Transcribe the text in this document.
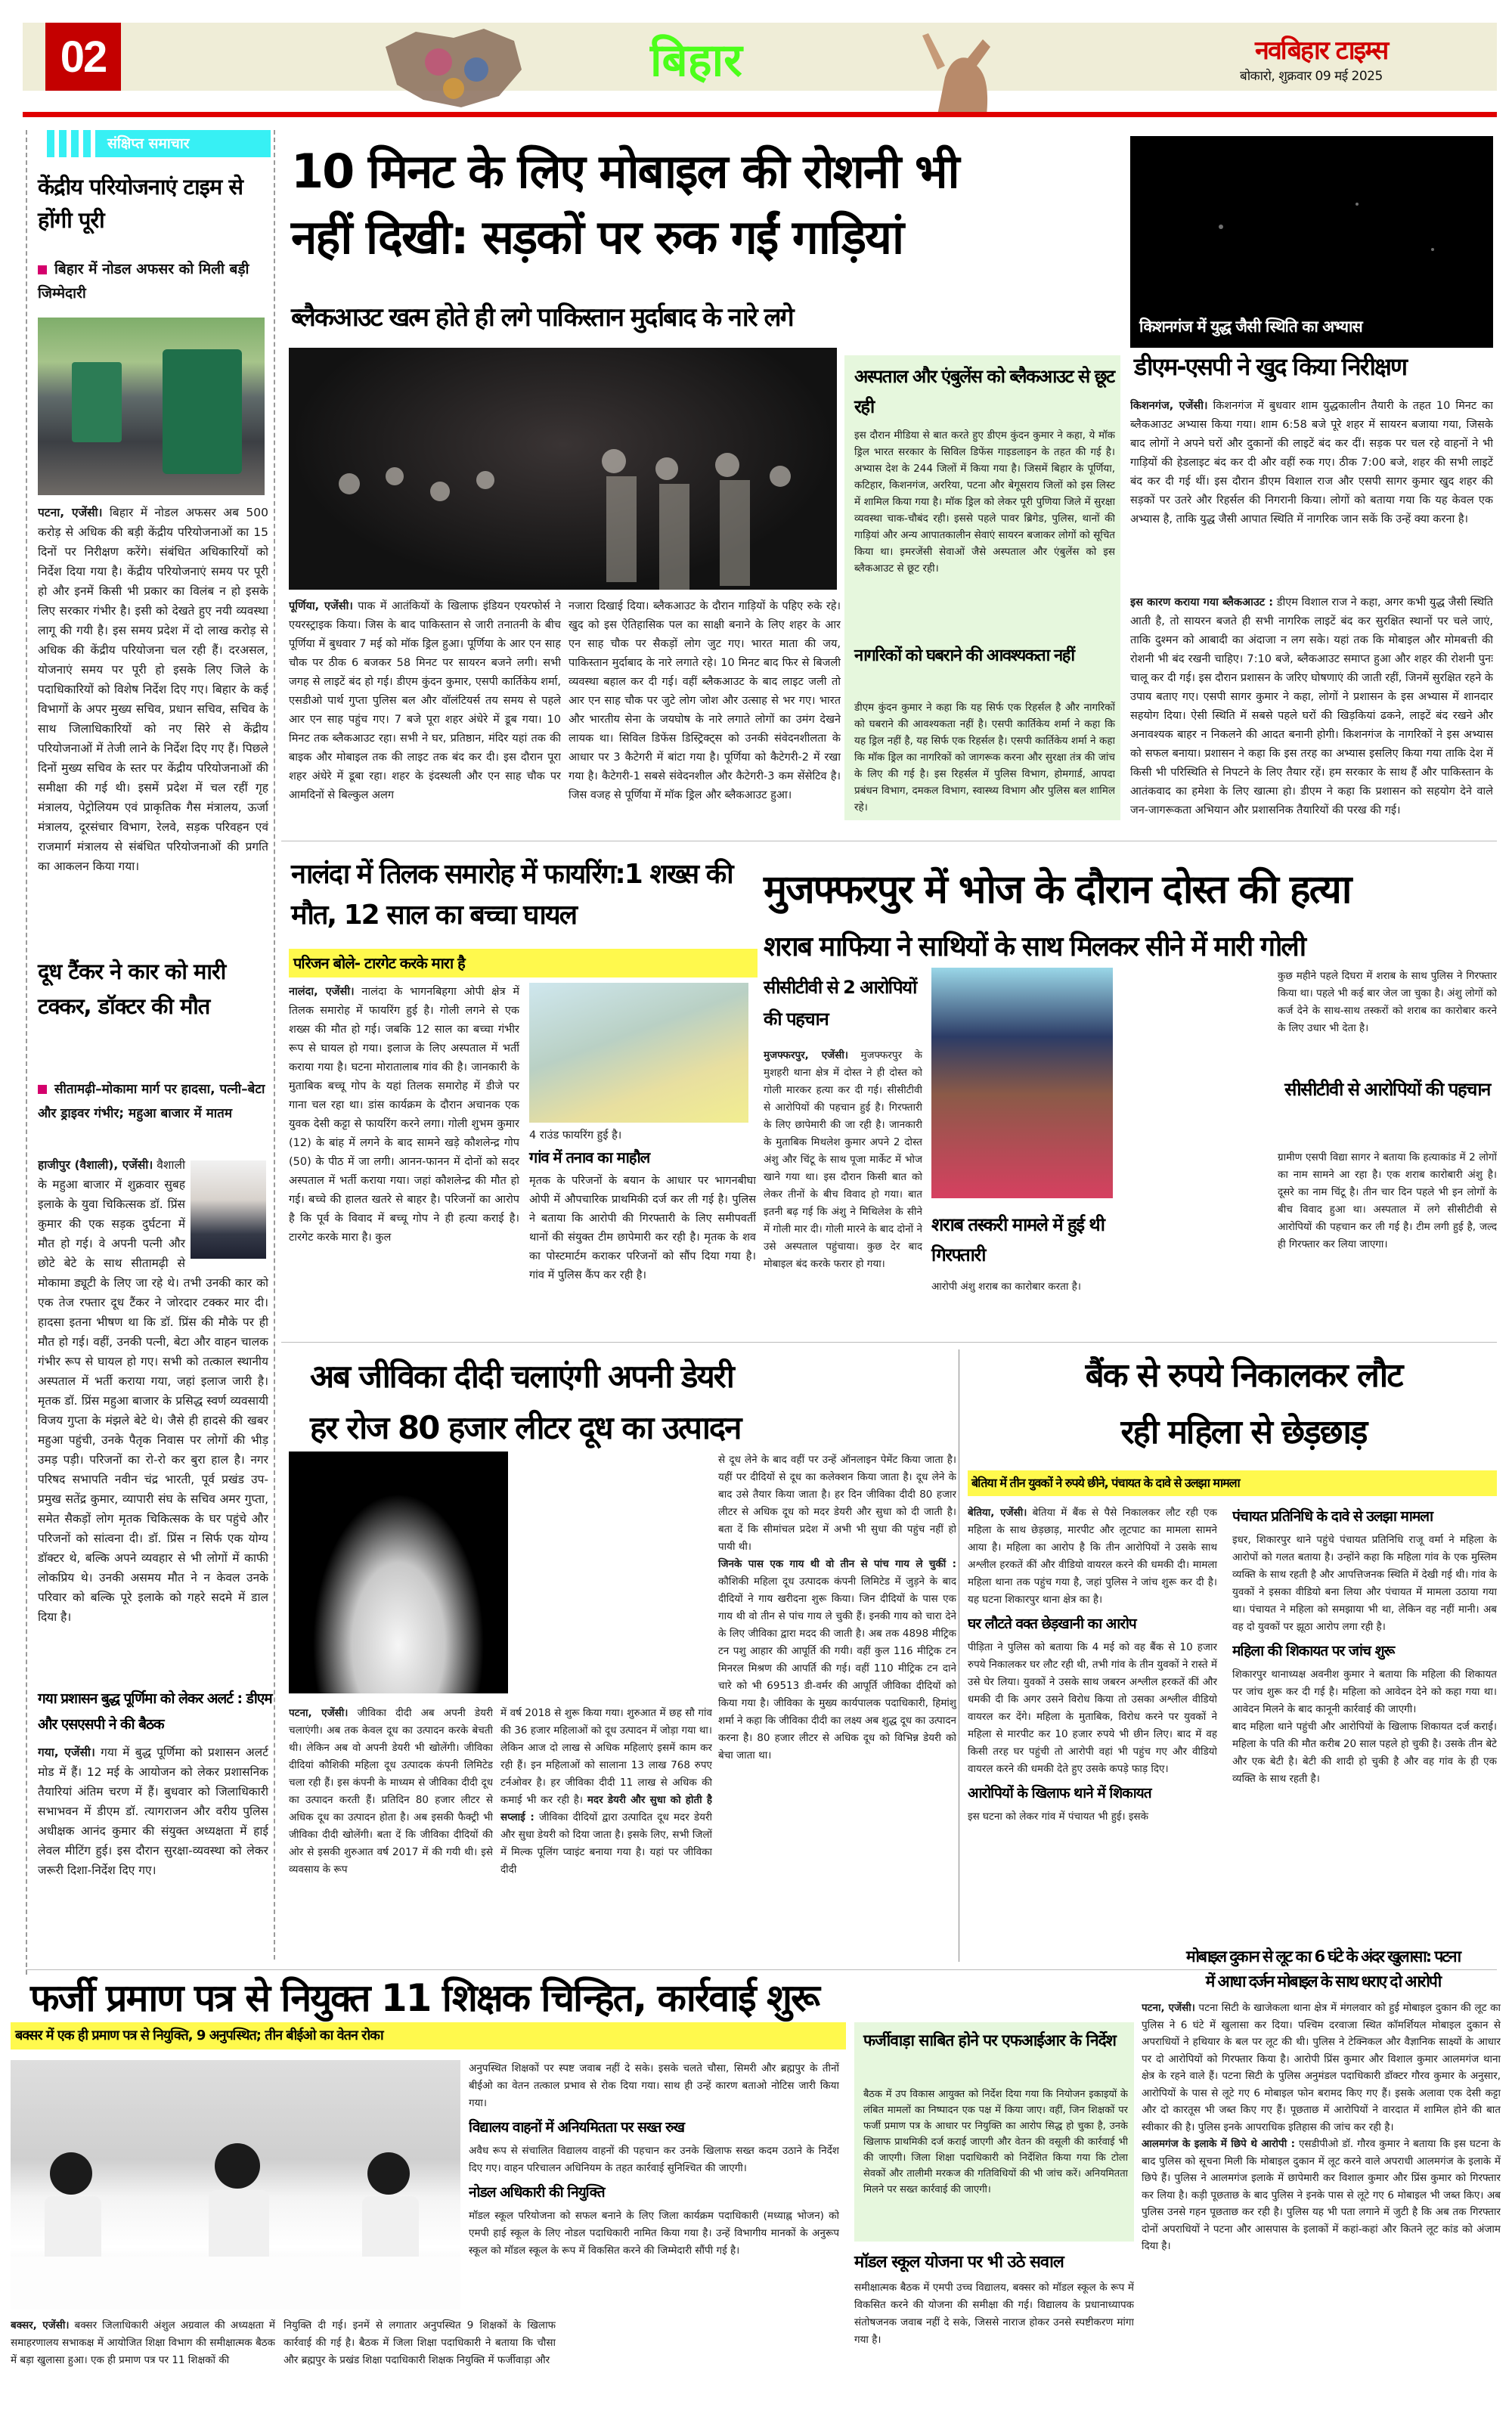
02	बिहार	नवबिहार टाइम्स
बोकारो, शुक्रवार 09 मई 2025
संक्षिप्त समाचार
केंद्रीय परियोजनाएं टाइम से होंगी पूरी
बिहार में नोडल अफसर को मिली बड़ी जिम्मेदारी
पटना, एजेंसी। बिहार में नोडल अफसर अब 500 करोड़ से अधिक की बड़ी केंद्रीय परियोजनाओं का 15 दिनों पर निरीक्षण करेंगे। संबंधित अधिकारियों को निर्देश दिया गया है। केंद्रीय परियोजनाएं समय पर पूरी हो और इनमें किसी भी प्रकार का विलंब न हो इसके लिए सरकार गंभीर है। इसी को देखते हुए नयी व्यवस्था लागू की गयी है। इस समय प्रदेश में दो लाख करोड़ से अधिक की केंद्रीय परियोजना चल रही हैं। दरअसल, योजनाएं समय पर पूरी हो इसके लिए जिले के पदाधिकारियों को विशेष निर्देश दिए गए। बिहार के कई विभागों के अपर मुख्य सचिव, प्रधान सचिव, सचिव के साथ जिलाधिकारियों को नए सिरे से केंद्रीय परियोजनाओं में तेजी लाने के निर्देश दिए गए हैं। पिछले दिनों मुख्य सचिव के स्तर पर केंद्रीय परियोजनाओं की समीक्षा की गई थी। इसमें प्रदेश में चल रहीं गृह मंत्रालय, पेट्रोलियम एवं प्राकृतिक गैस मंत्रालय, ऊर्जा मंत्रालय, दूरसंचार विभाग, रेलवे, सड़क परिवहन एवं राजमार्ग मंत्रालय से संबंधित परियोजनाओं की प्रगति का आकलन किया गया।
दूध टैंकर ने कार को मारी टक्कर, डॉक्टर की मौत
सीतामढ़ी–मोकामा मार्ग पर हादसा, पत्नी–बेटा और ड्राइवर गंभीर; महुआ बाजार में मातम
हाजीपुर (वैशाली), एजेंसी। वैशाली के महुआ बाजार में शुक्रवार सुबह इलाके के युवा चिकित्सक डॉ. प्रिंस कुमार की एक सड़क दुर्घटना में मौत हो गई। वे अपनी पत्नी और छोटे बेटे के साथ सीतामढ़ी से मोकामा ड्यूटी के लिए जा रहे थे। तभी उनकी कार को एक तेज रफ्तार दूध टैंकर ने जोरदार टक्कर मार दी। हादसा इतना भीषण था कि डॉ. प्रिंस की मौके पर ही मौत हो गई। वहीं, उनकी पत्नी, बेटा और वाहन चालक गंभीर रूप से घायल हो गए। सभी को तत्काल स्थानीय अस्पताल में भर्ती कराया गया, जहां इलाज जारी है। मृतक डॉ. प्रिंस महुआ बाजार के प्रसिद्ध स्वर्ण व्यवसायी विजय गुप्ता के मंझले बेटे थे। जैसे ही हादसे की खबर महुआ पहुंची, उनके पैतृक निवास पर लोगों की भीड़ उमड़ पड़ी। परिजनों का रो-रो कर बुरा हाल है। नगर परिषद सभापति नवीन चंद्र भारती, पूर्व प्रखंड उप-प्रमुख सतेंद्र कुमार, व्यापारी संघ के सचिव अमर गुप्ता, समेत सैकड़ों लोग मृतक चिकित्सक के घर पहुंचे और परिजनों को सांत्वना दी। डॉ. प्रिंस न सिर्फ एक योग्य डॉक्टर थे, बल्कि अपने व्यवहार से भी लोगों में काफी लोकप्रिय थे। उनकी असमय मौत ने न केवल उनके परिवार को बल्कि पूरे इलाके को गहरे सदमे में डाल दिया है।
गया प्रशासन बुद्ध पूर्णिमा को लेकर अलर्ट : डीएम और एसएसपी ने की बैठक
गया, एजेंसी। गया में बुद्ध पूर्णिमा को प्रशासन अलर्ट मोड में हैं। 12 मई के आयोजन को लेकर प्रशासनिक तैयारियां अंतिम चरण में हैं। बुधवार को जिलाधिकारी सभाभवन में डीएम डॉ. त्यागराजन और वरीय पुलिस अधीक्षक आनंद कुमार की संयुक्त अध्यक्षता में हाई लेवल मीटिंग हुई। इस दौरान सुरक्षा-व्यवस्था को लेकर जरूरी दिशा-निर्देश दिए गए।
10 मिनट के लिए मोबाइल की रोशनी भी
नहीं दिखी: सड़कों पर रुक गईं गाड़ियां
ब्लैकआउट खत्म होते ही लगे पाकिस्तान मुर्दाबाद के नारे लगे
पूर्णिया, एजेंसी। पाक में आतंकियों के खिलाफ इंडियन एयरफोर्स ने एयरस्ट्राइक किया। जिस के बाद पाकिस्तान से जारी तनातनी के बीच पूर्णिया में बुधवार 7 मई को मॉक ड्रिल हुआ। पूर्णिया के आर एन साह चौक पर ठीक 6 बजकर 58 मिनट पर सायरन बजने लगी। सभी जगह से लाइटें बंद हो गई। डीएम कुंदन कुमार, एसपी कार्तिकेय शर्मा, एसडीओ पार्थ गुप्ता पुलिस बल और वॉलंटियर्स तय समय से पहले आर एन साह पहुंच गए। 7 बजे पूरा शहर अंधेरे में डूब गया। 10 मिनट तक ब्लैकआउट रहा। सभी ने घर, प्रतिष्ठान, मंदिर यहां तक की बाइक और मोबाइल तक की लाइट तक बंद कर दी। इस दौरान पूरा शहर अंधेरे में डूबा रहा। शहर के इंदस्थली और एन साह चौक पर आमदिनों से बिल्कुल अलग
नजारा दिखाई दिया। ब्लैकआउट के दौरान गाड़ियों के पहिए रुके रहे। खुद को इस ऐतिहासिक पल का साक्षी बनाने के लिए शहर के आर एन साह चौक पर सैकड़ों लोग जुट गए। भारत माता की जय, पाकिस्तान मुर्दाबाद के नारे लगाते रहे। 10 मिनट बाद फिर से बिजली व्यवस्था बहाल कर दी गई। वहीं ब्लैकआउट के बाद लाइट जली तो आर एन साह चौक पर जुटे लोग जोश और उत्साह से भर गए। भारत और भारतीय सेना के जयघोष के नारे लगाते लोगों का उमंग देखने लायक था। सिविल डिफेंस डिस्ट्रिक्ट्स को उनकी संवेदनशीलता के आधार पर 3 कैटेगरी में बांटा गया है। पूर्णिया को कैटेगरी-2 में रखा गया है। कैटेगरी-1 सबसे संवेदनशील और कैटेगरी-3 कम सेंसेटिव है। जिस वजह से पूर्णिया में मॉक ड्रिल और ब्लैकआउट हुआ।
अस्पताल और एंबुलेंस को ब्लैकआउट से छूट रही
इस दौरान मीडिया से बात करते हुए डीएम कुंदन कुमार ने कहा, ये मॉक ड्रिल भारत सरकार के सिविल डिफेंस गाइडलाइन के तहत की गई है। अभ्यास देश के 244 जिलों में किया गया है। जिसमें बिहार के पूर्णिया, कटिहार, किशनगंज, अररिया, पटना और बेगूसराय जिलों को इस लिस्ट में शामिल किया गया है। मॉक ड्रिल को लेकर पूरी पुणिया जिले में सुरक्षा व्यवस्था चाक-चौबंद रही। इससे पहले पावर ब्रिगेड, पुलिस, थानों की गाड़ियां और अन्य आपातकालीन सेवाएं सायरन बजाकर लोगों को सूचित किया था। इमरजेंसी सेवाओं जैसे अस्पताल और एंबुलेंस को इस ब्लैकआउट से छूट रही।
नागरिकों को घबराने की आवश्यकता नहीं
डीएम कुंदन कुमार ने कहा कि यह सिर्फ एक रिहर्सल है और नागरिकों को घबराने की आवश्यकता नहीं है। एसपी कार्तिकेय शर्मा ने कहा कि यह ड्रिल नहीं है, यह सिर्फ एक रिहर्सल है। एसपी कार्तिकेय शर्मा ने कहा कि मॉक ड्रिल का नागरिकों को जागरूक करना और सुरक्षा तंत्र की जांच के लिए की गई है। इस रिहर्सल में पुलिस विभाग, होमगार्ड, आपदा प्रबंधन विभाग, दमकल विभाग, स्वास्थ्य विभाग और पुलिस बल शामिल रहे।
किशनगंज में युद्ध जैसी स्थिति का अभ्यास
डीएम-एसपी ने खुद किया निरीक्षण
किशनगंज, एजेंसी। किशनगंज में बुधवार शाम युद्धकालीन तैयारी के तहत 10 मिनट का ब्लैकआउट अभ्यास किया गया। शाम 6:58 बजे पूरे शहर में सायरन बजाया गया, जिसके बाद लोगों ने अपने घरों और दुकानों की लाइटें बंद कर दीं। सड़क पर चल रहे वाहनों ने भी गाड़ियों की हेडलाइट बंद कर दी और वहीं रुक गए। ठीक 7:00 बजे, शहर की सभी लाइटें बंद कर दी गई थीं। इस दौरान डीएम विशाल राज और एसपी सागर कुमार खुद शहर की सड़कों पर उतरे और रिहर्सल की निगरानी किया। लोगों को बताया गया कि यह केवल एक अभ्यास है, ताकि युद्ध जैसी आपात स्थिति में नागरिक जान सकें कि उन्हें क्या करना है।
इस कारण कराया गया ब्लैकआउट : डीएम विशाल राज ने कहा, अगर कभी युद्ध जैसी स्थिति आती है, तो सायरन बजते ही सभी नागरिक लाइटें बंद कर सुरक्षित स्थानों पर चले जाएं, ताकि दुश्मन को आबादी का अंदाजा न लग सके। यहां तक कि मोबाइल और मोमबत्ती की रोशनी भी बंद रखनी चाहिए। 7:10 बजे, ब्लैकआउट समाप्त हुआ और शहर की रोशनी पुनः चालू कर दी गई। इस दौरान प्रशासन के जरिए घोषणाएं की जाती रहीं, जिनमें सुरक्षित रहने के उपाय बताए गए। एसपी सागर कुमार ने कहा, लोगों ने प्रशासन के इस अभ्यास में शानदार सहयोग दिया। ऐसी स्थिति में सबसे पहले घरों की खिड़कियां ढकने, लाइटें बंद रखने और अनावश्यक बाहर न निकलने की आदत बनानी होगी। किशनगंज के नागरिकों ने इस अभ्यास को सफल बनाया। प्रशासन ने कहा कि इस तरह का अभ्यास इसलिए किया गया ताकि देश में किसी भी परिस्थिति से निपटने के लिए तैयार रहें। हम सरकार के साथ हैं और पाकिस्तान के आतंकवाद का हमेशा के लिए खात्मा हो। डीएम ने कहा कि प्रशासन को सहयोग देने वाले जन-जागरूकता अभियान और प्रशासनिक तैयारियों की परख की गई।
नालंदा में तिलक समारोह में फायरिंग:1 शख्स की मौत, 12 साल का बच्चा घायल
परिजन बोले- टारगेट करके मारा है
नालंदा, एजेंसी। नालंदा के भागनबिहगा ओपी क्षेत्र में तिलक समारोह में फायरिंग हुई है। गोली लगने से एक शख्स की मौत हो गई। जबकि 12 साल का बच्चा गंभीर रूप से घायल हो गया। इलाज के लिए अस्पताल में भर्ती कराया गया है। घटना मोरातालाब गांव की है। जानकारी के मुताबिक बच्चू गोप के यहां तिलक समारोह में डीजे पर गाना चल रहा था। डांस कार्यक्रम के दौरान अचानक एक युवक देसी कट्टा से फायरिंग करने लगा। गोली शुभम कुमार (12) के बांह में लगने के बाद सामने खड़े कौशलेन्द्र गोप (50) के पीठ में जा लगी। आनन-फानन में दोनों को सदर अस्पताल में भर्ती कराया गया। जहां कौशलेन्द्र की मौत हो गई। बच्चे की हालत खतरे से बाहर है। परिजनों का आरोप है कि पूर्व के विवाद में बच्चू गोप ने ही हत्या कराई है। टारगेट करके मारा है। कुल
4 राउंड फायरिंग हुई है।
गांव में तनाव का माहौल
मृतक के परिजनों के बयान के आधार पर भागनबीघा ओपी में औपचारिक प्राथमिकी दर्ज कर ली गई है। पुलिस ने बताया कि आरोपी की गिरफ्तारी के लिए समीपवर्ती थानों की संयुक्त टीम छापेमारी कर रही है। मृतक के शव का पोस्टमार्टम कराकर परिजनों को सौंप दिया गया है। गांव में पुलिस कैंप कर रही है।
मुजफ्फरपुर में भोज के दौरान दोस्त की हत्या
शराब माफिया ने साथियों के साथ मिलकर सीने में मारी गोली
सीसीटीवी से 2 आरोपियों की पहचान
मुजफ्फरपुर, एजेंसी। मुजफ्फरपुर के मुशहरी थाना क्षेत्र में दोस्त ने ही दोस्त को गोली मारकर हत्या कर दी गई। सीसीटीवी से आरोपियों की पहचान हुई है। गिरफ्तारी के लिए छापेमारी की जा रही है। जानकारी के मुताबिक मिथलेश कुमार अपने 2 दोस्त अंशु और चिंटू के साथ पूजा मार्केट में भोज खाने गया था। इस दौरान किसी बात को लेकर तीनों के बीच विवाद हो गया। बात इतनी बढ़ गई कि अंशु ने मिथिलेश के सीने में गोली मार दी। गोली मारने के बाद दोनों ने उसे अस्पताल पहुंचाया। कुछ देर बाद मोबाइल बंद करके फरार हो गया।
शराब तस्करी मामले में हुई थी गिरफ्तारी
आरोपी अंशु शराब का कारोबार करता है।
कुछ महीने पहले दिघरा में शराब के साथ पुलिस ने गिरफ्तार किया था। पहले भी कई बार जेल जा चुका है। अंशु लोगों को कर्ज देने के साथ-साथ तस्करों को शराब का कारोबार करने के लिए उधार भी देता है।
सीसीटीवी से आरोपियों की पहचान
ग्रामीण एसपी विद्या सागर ने बताया कि हत्याकांड में 2 लोगों का नाम सामने आ रहा है। एक शराब कारोबारी अंशु है। दूसरे का नाम चिंटू है। तीन चार दिन पहले भी इन लोगों के बीच विवाद हुआ था। अस्पताल में लगे सीसीटीवी से आरोपियों की पहचान कर ली गई है। टीम लगी हुई है, जल्द ही गिरफ्तार कर लिया जाएगा।
अब जीविका दीदी चलाएंगी अपनी डेयरी
हर रोज 80 हजार लीटर दूध का उत्पादन
पटना, एजेंसी। जीविका दीदी अब अपनी डेयरी चलाएंगी। अब तक केवल दूध का उत्पादन करके बेचती थी। लेकिन अब वो अपनी डेयरी भी खोलेंगी। जीविका दीदियां कौशिकी महिला दूध उत्पादक कंपनी लिमिटेड चला रही हैं। इस कंपनी के माध्यम से जीविका दीदी दूध का उत्पादन करती हैं। प्रतिदिन 80 हजार लीटर से अधिक दूध का उत्पादन होता है। अब इसकी फैक्ट्री भी जीविका दीदी खोलेंगी। बता दें कि जीविका दीदियों की ओर से इसकी शुरुआत वर्ष 2017 में की गयी थी। इसे व्यवसाय के रूप
में वर्ष 2018 से शुरू किया गया। शुरुआत में छह सौ गांव की 36 हजार महिलाओं को दूध उत्पादन में जोड़ा गया था। लेकिन आज दो लाख से अधिक महिलाएं इसमें काम कर रही हैं। इन महिलाओं को सालाना 13 लाख 768 रुपए टर्नओवर है। हर जीविका दीदी 11 लाख से अधिक की कमाई भी कर रही है। मदर डेयरी और सुधा को होती है सप्लाई : जीविका दीदियों द्वारा उत्पादित दूध मदर डेयरी और सुधा डेयरी को दिया जाता है। इसके लिए, सभी जिलों में मिल्क पूलिंग प्वाइंट बनाया गया है। यहां पर जीविका दीदी
से दूध लेने के बाद वहीं पर उन्हें ऑनलाइन पेमेंट किया जाता है। यहीं पर दीदियों से दूध का कलेक्शन किया जाता है। दूध लेने के बाद उसे तैयार किया जाता है। हर दिन जीविका दीदी 80 हजार लीटर से अधिक दूध को मदर डेयरी और सुधा को दी जाती है। बता दें कि सीमांचल प्रदेश में अभी भी सुधा की पहुंच नहीं हो पायी थी।
जिनके पास एक गाय थी वो तीन से पांच गाय ले चुकीं : कौशिकी महिला दूध उत्पादक कंपनी लिमिटेड में जुड़ने के बाद दीदियों ने गाय खरीदना शुरू किया। जिन दीदियों के पास एक गाय थी वो तीन से पांच गाय ले चुकी हैं। इनकी गाय को चारा देने के लिए जीविका द्वारा मदद की जाती है। अब तक 4898 मीट्रिक टन पशु आहार की आपूर्ति की गयी। वहीं कुल 116 मीट्रिक टन मिनरल मिश्रण की आपर्ति की गई। वहीं 110 मीट्रिक टन दाने चारे को भी 69513 डी-वर्मर की आपूर्ति जीविका दीदियों को किया गया है। जीविका के मुख्य कार्यपालक पदाधिकारी, हिमांशु शर्मा ने कहा कि जीविका दीदी का लक्ष्य अब शुद्ध दूध का उत्पादन करना है। 80 हजार लीटर से अधिक दूध को विभिन्न डेयरी को बेचा जाता था।
बैंक से रुपये निकालकर लौट
रही महिला से छेड़छाड़
बेतिया में तीन युवकों ने रुपये छीने, पंचायत के दावे से उलझा मामला
बेतिया, एजेंसी। बेतिया में बैंक से पैसे निकालकर लौट रही एक महिला के साथ छेड़छाड़, मारपीट और लूटपाट का मामला सामने आया है। महिला का आरोप है कि तीन आरोपियों ने उसके साथ अश्लील हरकतें कीं और वीडियो वायरल करने की धमकी दी। मामला महिला थाना तक पहुंच गया है, जहां पुलिस ने जांच शुरू कर दी है। यह घटना शिकारपुर थाना क्षेत्र का है।
घर लौटते वक्त छेड़खानी का आरोप
पीड़िता ने पुलिस को बताया कि 4 मई को वह बैंक से 10 हजार रुपये निकालकर घर लौट रही थी, तभी गांव के तीन युवकों ने रास्ते में उसे घेर लिया। युवकों ने उसके साथ जबरन अश्लील हरकतें कीं और धमकी दी कि अगर उसने विरोध किया तो उसका अश्लील वीडियो वायरल कर देंगे। महिला के मुताबिक, विरोध करने पर युवकों ने महिला से मारपीट कर 10 हजार रुपये भी छीन लिए। बाद में वह किसी तरह घर पहुंची तो आरोपी वहां भी पहुंच गए और वीडियो वायरल करने की धमकी देते हुए उसके कपड़े फाड़ दिए।
आरोपियों के खिलाफ थाने में शिकायत
इस घटना को लेकर गांव में पंचायत भी हुई। इसके
पंचायत प्रतिनिधि के दावे से उलझा मामला
इधर, शिकारपुर थाने पहुंचे पंचायत प्रतिनिधि राजू वर्मा ने महिला के आरोपों को गलत बताया है। उन्होंने कहा कि महिला गांव के एक मुस्लिम व्यक्ति के साथ रहती है और आपत्तिजनक स्थिति में देखी गई थी। गांव के युवकों ने इसका वीडियो बना लिया और पंचायत में मामला उठाया गया था। पंचायत ने महिला को समझाया भी था, लेकिन वह नहीं मानी। अब वह दो युवकों पर झूठा आरोप लगा रही है।
महिला की शिकायत पर जांच शुरू
शिकारपुर थानाध्यक्ष अवनीश कुमार ने बताया कि महिला की शिकायत पर जांच शुरू कर दी गई है। महिला को आवेदन देने को कहा गया था। आवेदन मिलने के बाद कानूनी कार्रवाई की जाएगी।
बाद महिला थाने पहुंची और आरोपियों के खिलाफ शिकायत दर्ज कराई। महिला के पति की मौत करीब 20 साल पहले हो चुकी है। उसके तीन बेटे और एक बेटी है। बेटी की शादी हो चुकी है और वह गांव के ही एक व्यक्ति के साथ रहती है।
फर्जी प्रमाण पत्र से नियुक्त 11 शिक्षक चिन्हित, कार्रवाई शुरू
बक्सर में एक ही प्रमाण पत्र से नियुक्ति, 9 अनुपस्थित; तीन बीईओ का वेतन रोका
बक्सर, एजेंसी। बक्सर जिलाधिकारी अंशुल अग्रवाल की अध्यक्षता में समाहरणालय सभाकक्ष में आयोजित शिक्षा विभाग की समीक्षात्मक बैठक में बड़ा खुलासा हुआ। एक ही प्रमाण पत्र पर 11 शिक्षकों की
नियुक्ति दी गई। इनमें से लगातार अनुपस्थित 9 शिक्षकों के खिलाफ कार्रवाई की गई है। बैठक में जिला शिक्षा पदाधिकारी ने बताया कि चौसा और ब्रह्मपुर के प्रखंड शिक्षा पदाधिकारी शिक्षक नियुक्ति में फर्जीवाड़ा और
अनुपस्थित शिक्षकों पर स्पष्ट जवाब नहीं दे सके। इसके चलते चौसा, सिमरी और ब्रह्मपुर के तीनों बीईओ का वेतन तत्काल प्रभाव से रोक दिया गया। साथ ही उन्हें कारण बताओ नोटिस जारी किया गया।
विद्यालय वाहनों में अनियमितता पर सख्त रुख
अवैध रूप से संचालित विद्यालय वाहनों की पहचान कर उनके खिलाफ सख्त कदम उठाने के निर्देश दिए गए। वाहन परिचालन अधिनियम के तहत कार्रवाई सुनिश्चित की जाएगी।
नोडल अधिकारी की नियुक्ति
मॉडल स्कूल परियोजना को सफल बनाने के लिए जिला कार्यक्रम पदाधिकारी (मध्याह्न भोजन) को एमपी हाई स्कूल के लिए नोडल पदाधिकारी नामित किया गया है। उन्हें विभागीय मानकों के अनुरूप स्कूल को मॉडल स्कूल के रूप में विकसित करने की जिम्मेदारी सौंपी गई है।
फर्जीवाड़ा साबित होने पर एफआईआर के निर्देश
बैठक में उप विकास आयुक्त को निर्देश दिया गया कि नियोजन इकाइयों के लंबित मामलों का निष्पादन एक पक्ष में किया जाए। वहीं, जिन शिक्षकों पर फर्जी प्रमाण पत्र के आधार पर नियुक्ति का आरोप सिद्ध हो चुका है, उनके खिलाफ प्राथमिकी दर्ज कराई जाएगी और वेतन की वसूली की कार्रवाई भी की जाएगी। जिला शिक्षा पदाधिकारी को निर्देशित किया गया कि टोला सेवकों और तालीमी मरकज की गतिविधियों की भी जांच करें। अनियमितता मिलने पर सख्त कार्रवाई की जाएगी।
मॉडल स्कूल योजना पर भी उठे सवाल
समीक्षात्मक बैठक में एमपी उच्च विद्यालय, बक्सर को मॉडल स्कूल के रूप में विकसित करने की योजना की समीक्षा की गई। विद्यालय के प्रधानाध्यापक संतोषजनक जवाब नहीं दे सके, जिससे नाराज होकर उनसे स्पष्टीकरण मांगा गया है।
मोबाइल दुकान से लूट का 6 घंटे के अंदर खुलासा: पटना
में आधा दर्जन मोबाइल के साथ धराए दो आरोपी
पटना, एजेंसी। पटना सिटी के खाजेकला थाना क्षेत्र में मंगलवार को हुई मोबाइल दुकान की लूट का पुलिस ने 6 घंटे में खुलासा कर दिया। पश्चिम दरवाजा स्थित कॉमर्शियल मोबाइल दुकान से अपराधियों ने हथियार के बल पर लूट की थी। पुलिस ने टेक्निकल और वैज्ञानिक साक्ष्यों के आधार पर दो आरोपियों को गिरफ्तार किया है। आरोपी प्रिंस कुमार और विशाल कुमार आलमगंज थाना क्षेत्र के रहने वाले हैं। पटना सिटी के पुलिस अनुमंडल पदाधिकारी डॉक्टर गौरव कुमार के अनुसार, आरोपियों के पास से लूटे गए 6 मोबाइल फोन बरामद किए गए हैं। इसके अलावा एक देसी कट्टा और दो कारतूस भी जब्त किए गए हैं। पूछताछ में आरोपियों ने वारदात में शामिल होने की बात स्वीकार की है। पुलिस इनके आपराधिक इतिहास की जांच कर रही है।
आलमगंज के इलाके में छिपे थे आरोपी : एसडीपीओ डॉ. गौरव कुमार ने बताया कि इस घटना के बाद पुलिस को सूचना मिली कि मोबाइल दुकान में लूट करने वाले अपराधी आलमगंज के इलाके में छिपे हैं। पुलिस ने आलमगंज इलाके में छापेमारी कर विशाल कुमार और प्रिंस कुमार को गिरफ्तार कर लिया है। कड़ी पूछताछ के बाद पुलिस ने इनके पास से लूटे गए 6 मोबाइल भी जब्त किए। अब पुलिस उनसे गहन पूछताछ कर रही है। पुलिस यह भी पता लगाने में जुटी है कि अब तक गिरफ्तार दोनों अपराधियों ने पटना और आसपास के इलाकों में कहां-कहां और कितने लूट कांड को अंजाम दिया है।
